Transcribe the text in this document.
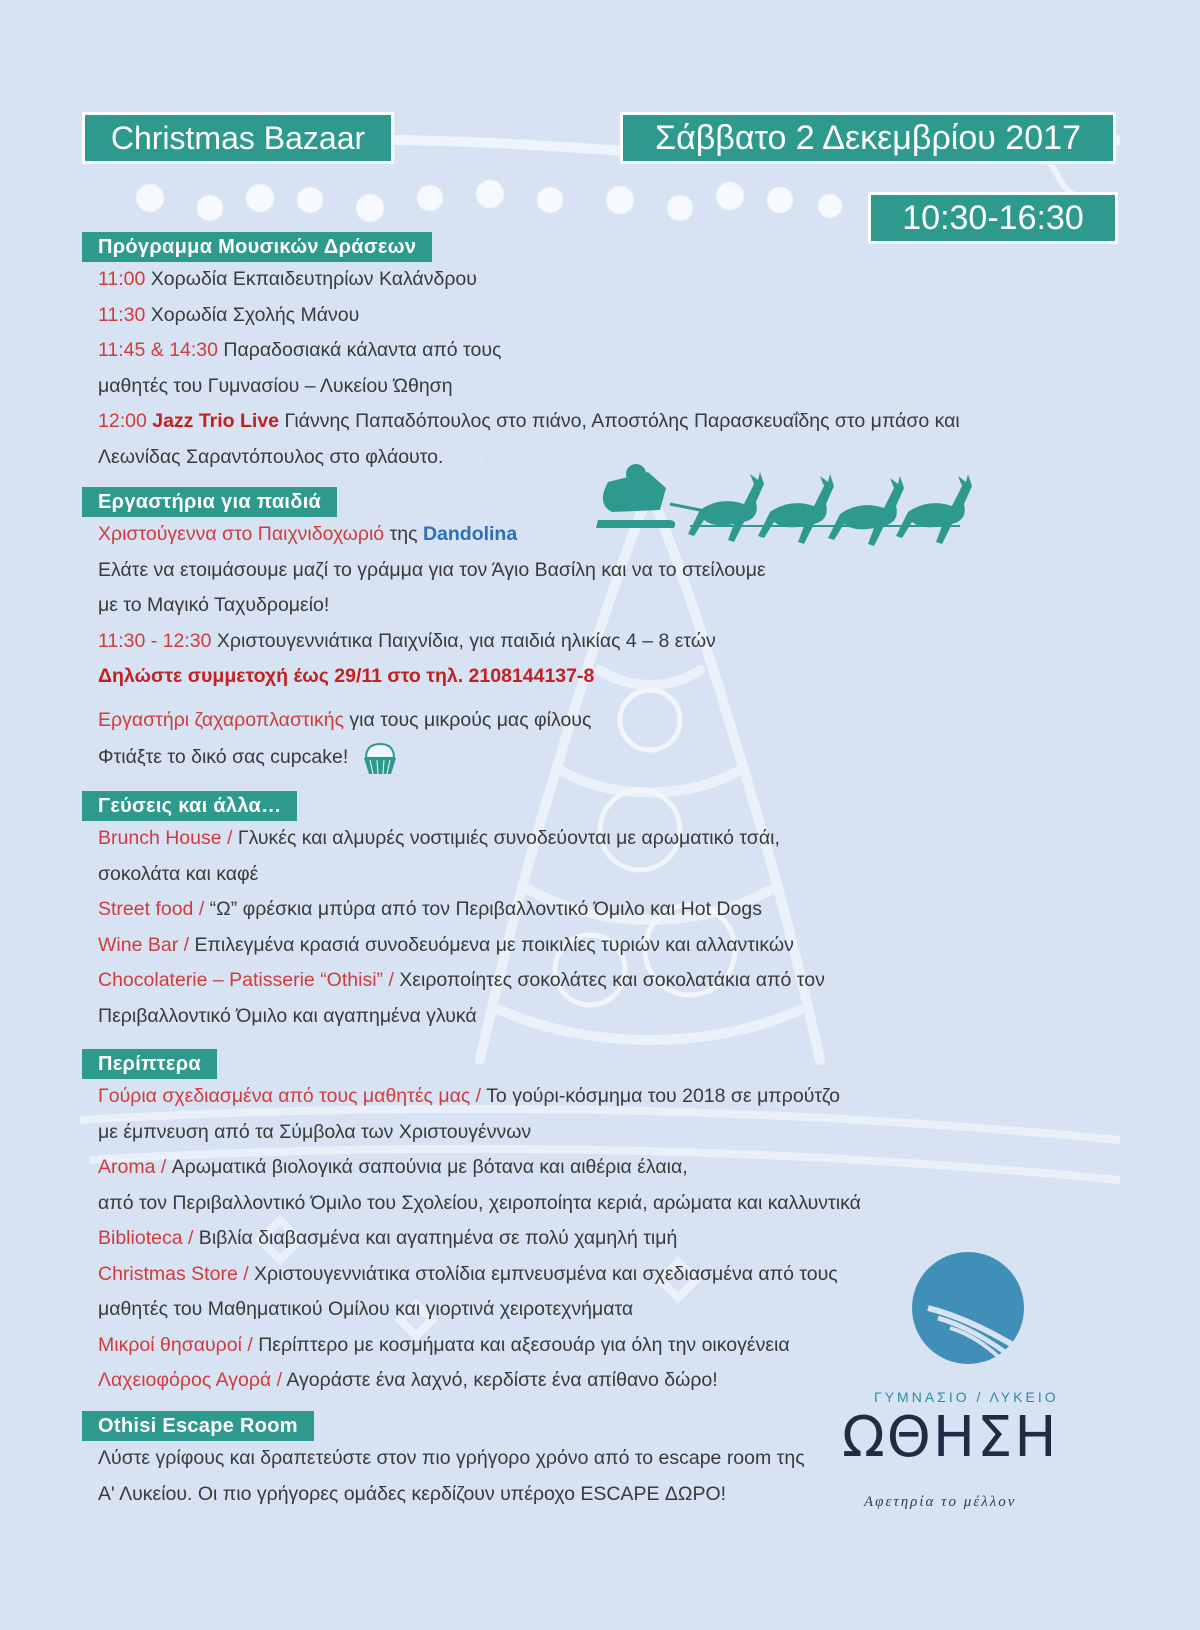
Christmas Bazaar	Σάββατο 2 Δεκεμβρίου 2017
10:30-16:30
Πρόγραμμα Μουσικών Δράσεων
11:00 Χορωδία Εκπαιδευτηρίων Καλάνδρου
11:30 Χορωδία Σχολής Μάνου
11:45 & 14:30 Παραδοσιακά κάλαντα από τους
μαθητές του Γυμνασίου – Λυκείου Ώθηση
12:00 Jazz Trio Live Γιάννης Παπαδόπουλος στο πιάνο, Αποστόλης Παρασκευαΐδης στο μπάσο και
Λεωνίδας Σαραντόπουλος στο φλάουτο.
Εργαστήρια για παιδιά
Χριστούγεννα στο Παιχνιδοχωριό της Dandolina
Ελάτε να ετοιμάσουμε μαζί το γράμμα για τον Άγιο Βασίλη και να το στείλουμε
με το Μαγικό Ταχυδρομείο!
11:30 - 12:30 Χριστουγεννιάτικα Παιχνίδια, για παιδιά ηλικίας 4 – 8 ετών
Δηλώστε συμμετοχή έως 29/11 στο τηλ. 2108144137-8
Εργαστήρι ζαχαροπλαστικής για τους μικρούς μας φίλους
Φτιάξτε το δικό σας cupcake!
Γεύσεις και άλλα…
Brunch House / Γλυκές και αλμυρές νοστιμιές συνοδεύονται με αρωματικό τσάι,
σοκολάτα και καφέ
Street food / “Ω” φρέσκια μπύρα από τον Περιβαλλοντικό Όμιλο και Hot Dogs
Wine Bar / Επιλεγμένα κρασιά συνοδευόμενα με ποικιλίες τυριών και αλλαντικών
Chocolaterie – Patisserie “Othisi” / Χειροποίητες σοκολάτες και σοκολατάκια από τον
Περιβαλλοντικό Όμιλο και αγαπημένα γλυκά
Περίπτερα
Γούρια σχεδιασμένα από τους μαθητές μας / Το γούρι-κόσμημα του 2018 σε μπρούτζο
με έμπνευση από τα Σύμβολα των Χριστουγέννων
Aroma / Αρωματικά βιολογικά σαπούνια με βότανα και αιθέρια έλαια,
από τον Περιβαλλοντικό Όμιλο του Σχολείου, χειροποίητα κεριά, αρώματα και καλλυντικά
Biblioteca / Βιβλία διαβασμένα και αγαπημένα σε πολύ χαμηλή τιμή
Christmas Store / Χριστουγεννιάτικα στολίδια εμπνευσμένα και σχεδιασμένα από τους
μαθητές του Μαθηματικού Ομίλου και γιορτινά χειροτεχνήματα
Μικροί θησαυροί / Περίπτερο με κοσμήματα και αξεσουάρ για όλη την οικογένεια
Λαχειοφόρος Αγορά / Αγοράστε ένα λαχνό, κερδίστε ένα απίθανο δώρο!
Othisi Escape Room
Λύστε γρίφους και δραπετεύστε στον πιο γρήγορο χρόνο από το escape room της
Α' Λυκείου. Οι πιο γρήγορες ομάδες κερδίζουν υπέροχο ESCAPE ΔΩΡΟ!
ΓΥΜΝΑΣΙΟ / ΛΥΚΕΙΟ
ΩΘΗΣΗ
Αφετηρία το μέλλον
